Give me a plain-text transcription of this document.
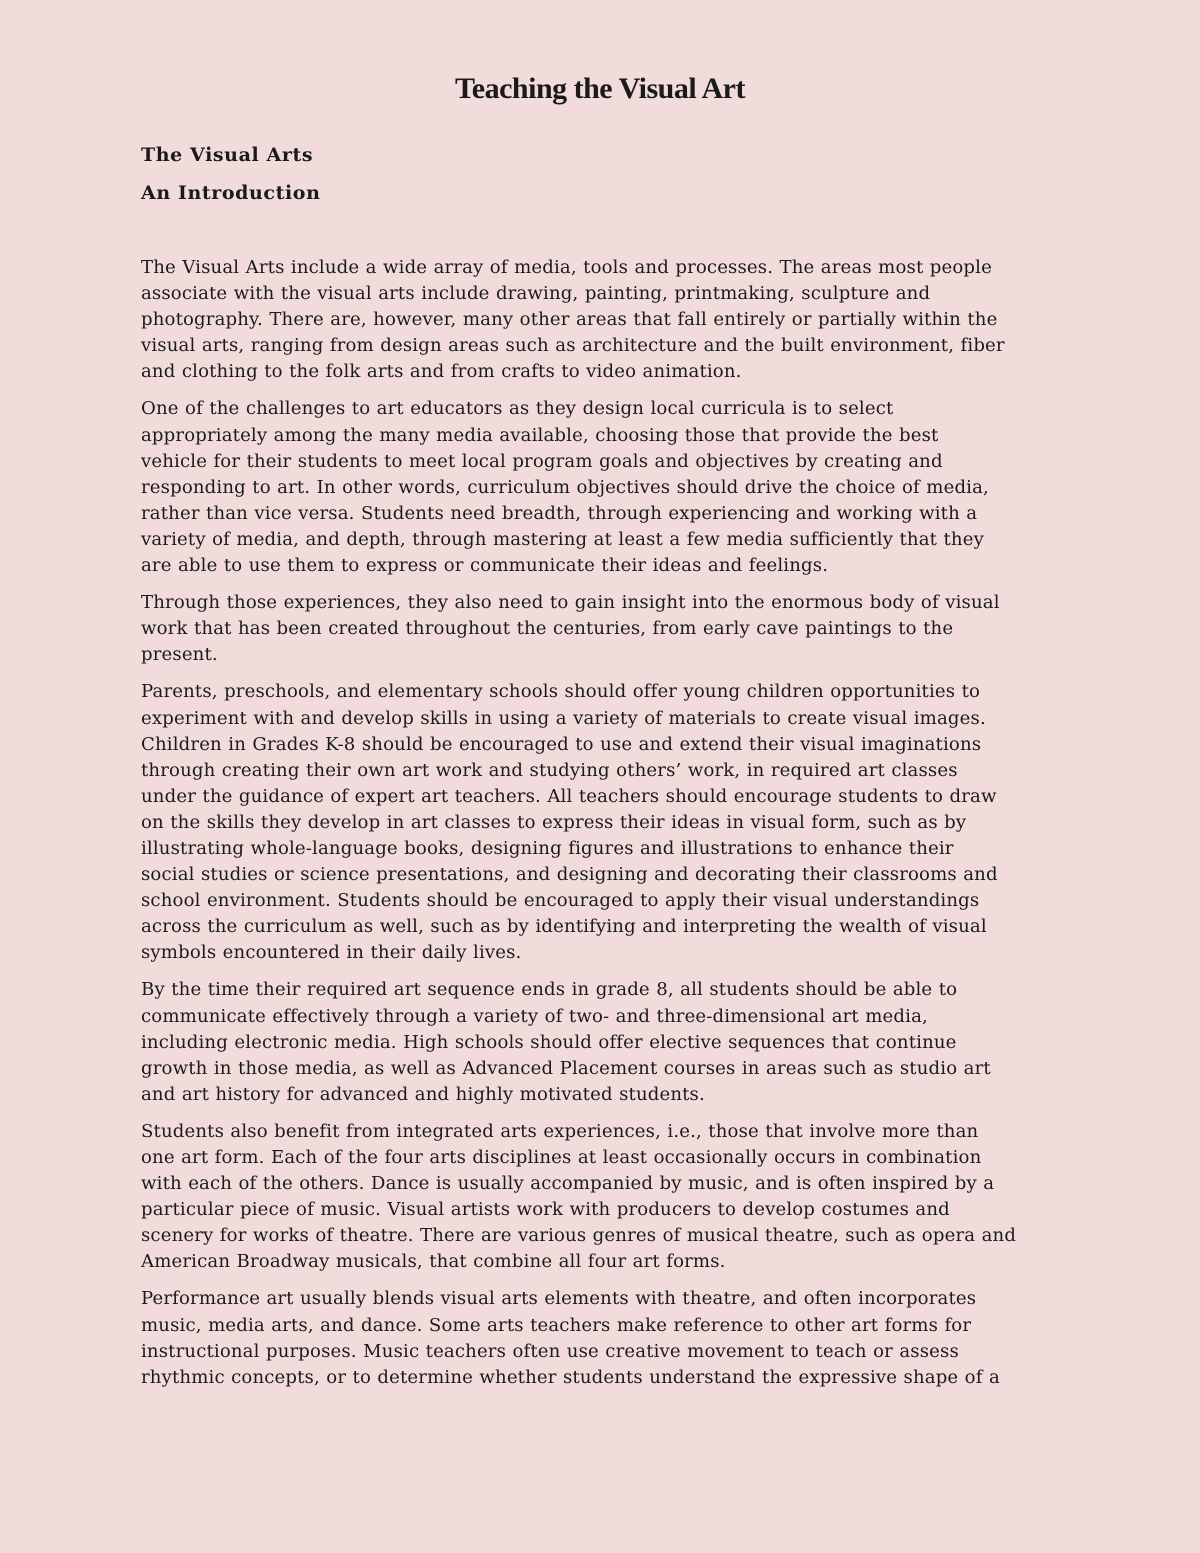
Teaching the Visual Art
The Visual Arts
An Introduction

The Visual Arts include a wide array of media, tools and processes. The areas most people
associate with the visual arts include drawing, painting, printmaking, sculpture and
photography. There are, however, many other areas that fall entirely or partially within the
visual arts, ranging from design areas such as architecture and the built environment, fiber
and clothing to the folk arts and from crafts to video animation.

One of the challenges to art educators as they design local curricula is to select
appropriately among the many media available, choosing those that provide the best
vehicle for their students to meet local program goals and objectives by creating and
responding to art. In other words, curriculum objectives should drive the choice of media,
rather than vice versa. Students need breadth, through experiencing and working with a
variety of media, and depth, through mastering at least a few media sufficiently that they
are able to use them to express or communicate their ideas and feelings.

Through those experiences, they also need to gain insight into the enormous body of visual
work that has been created throughout the centuries, from early cave paintings to the
present.

Parents, preschools, and elementary schools should offer young children opportunities to
experiment with and develop skills in using a variety of materials to create visual images.
Children in Grades K-8 should be encouraged to use and extend their visual imaginations
through creating their own art work and studying others’ work, in required art classes
under the guidance of expert art teachers. All teachers should encourage students to draw
on the skills they develop in art classes to express their ideas in visual form, such as by
illustrating whole-language books, designing figures and illustrations to enhance their
social studies or science presentations, and designing and decorating their classrooms and
school environment. Students should be encouraged to apply their visual understandings
across the curriculum as well, such as by identifying and interpreting the wealth of visual
symbols encountered in their daily lives.

By the time their required art sequence ends in grade 8, all students should be able to
communicate effectively through a variety of two- and three-dimensional art media,
including electronic media. High schools should offer elective sequences that continue
growth in those media, as well as Advanced Placement courses in areas such as studio art
and art history for advanced and highly motivated students.

Students also benefit from integrated arts experiences, i.e., those that involve more than
one art form. Each of the four arts disciplines at least occasionally occurs in combination
with each of the others. Dance is usually accompanied by music, and is often inspired by a
particular piece of music. Visual artists work with producers to develop costumes and
scenery for works of theatre. There are various genres of musical theatre, such as opera and
American Broadway musicals, that combine all four art forms.

Performance art usually blends visual arts elements with theatre, and often incorporates
music, media arts, and dance. Some arts teachers make reference to other art forms for
instructional purposes. Music teachers often use creative movement to teach or assess
rhythmic concepts, or to determine whether students understand the expressive shape of a
